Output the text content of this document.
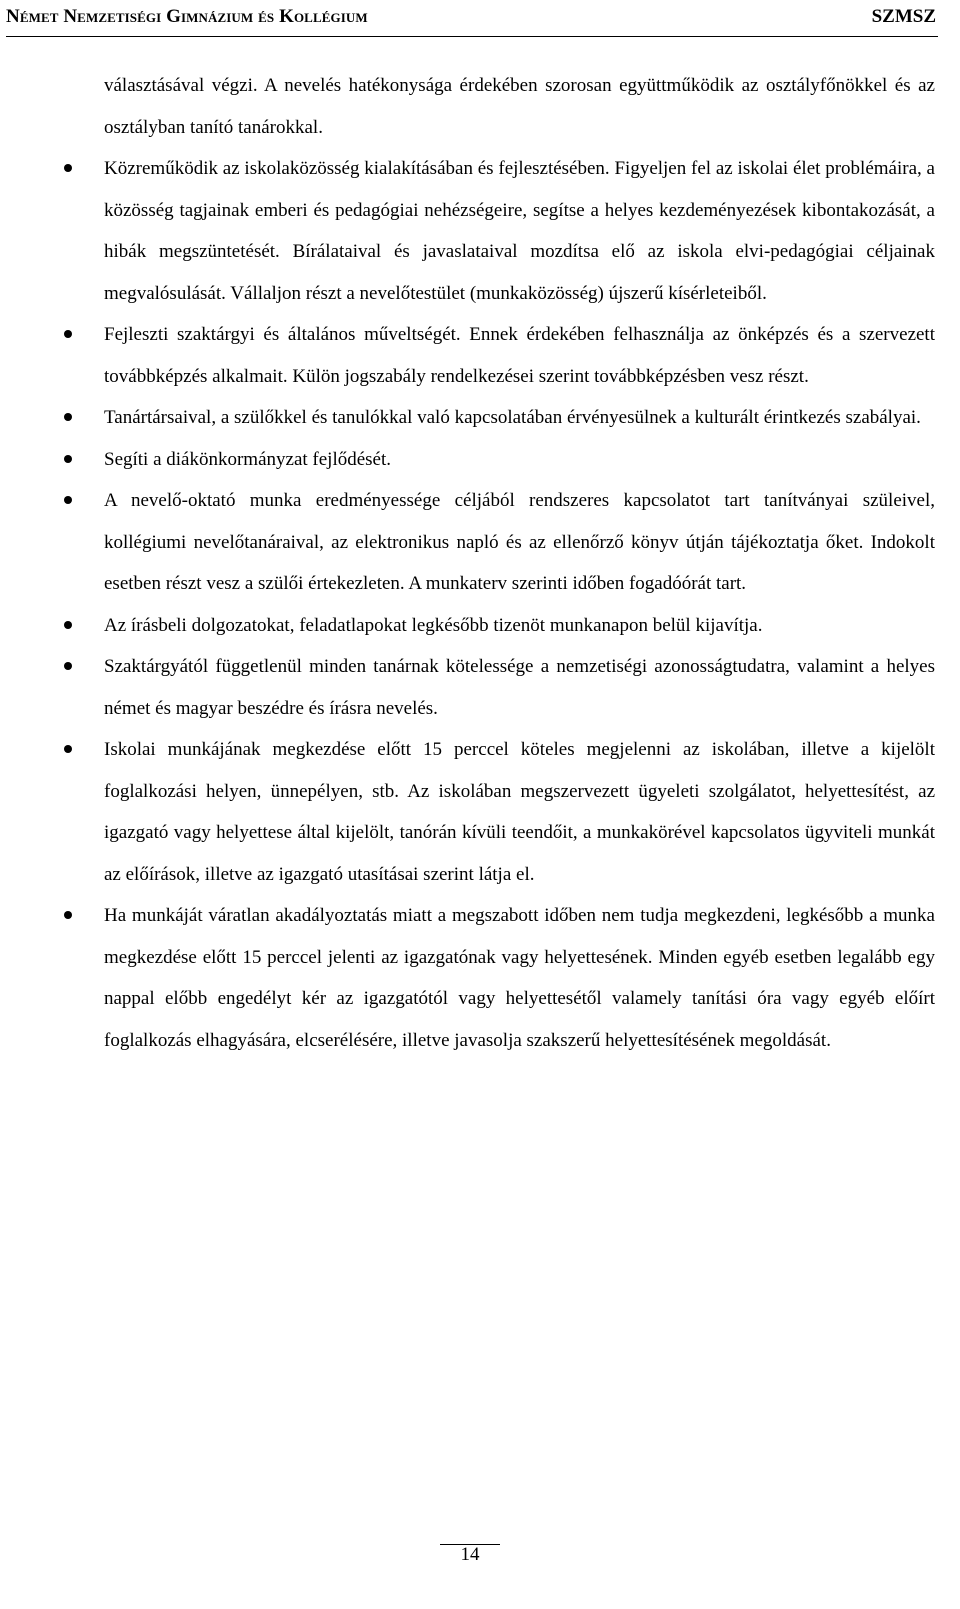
Német Nemzetiségi Gimnázium és Kollégium	SZMSZ

választásával végzi. A nevelés hatékonysága érdekében szorosan együttműködik az osztályfőnökkel és az osztályban tanító tanárokkal.

Közreműködik az iskolaközösség kialakításában és fejlesztésében. Figyeljen fel az iskolai élet problémáira, a közösség tagjainak emberi és pedagógiai nehézségeire, segítse a helyes kezdeményezések kibontakozását, a hibák megszüntetését. Bírálataival és javaslataival mozdítsa elő az iskola elvi-pedagógiai céljainak megvalósulását. Vállaljon részt a nevelőtestület (munkaközösség) újszerű kísérleteiből.
Fejleszti szaktárgyi és általános műveltségét. Ennek érdekében felhasználja az önképzés és a szervezett továbbképzés alkalmait. Külön jogszabály rendelkezései szerint továbbképzésben vesz részt.
Tanártársaival, a szülőkkel és tanulókkal való kapcsolatában érvényesülnek a kulturált érintkezés szabályai.
Segíti a diákönkormányzat fejlődését.
A nevelő-oktató munka eredményessége céljából rendszeres kapcsolatot tart tanítványai szüleivel, kollégiumi nevelőtanáraival, az elektronikus napló és az ellenőrző könyv útján tájékoztatja őket. Indokolt esetben részt vesz a szülői értekezleten. A munkaterv szerinti időben fogadóórát tart.
Az írásbeli dolgozatokat, feladatlapokat legkésőbb tizenöt munkanapon belül kijavítja.
Szaktárgyától függetlenül minden tanárnak kötelessége a nemzetiségi azonosságtudatra, valamint a helyes német és magyar beszédre és írásra nevelés.
Iskolai munkájának megkezdése előtt 15 perccel köteles megjelenni az iskolában, illetve a kijelölt foglalkozási helyen, ünnepélyen, stb. Az iskolában megszervezett ügyeleti szolgálatot, helyettesítést, az igazgató vagy helyettese által kijelölt, tanórán kívüli teendőit, a munkakörével kapcsolatos ügyviteli munkát az előírások, illetve az igazgató utasításai szerint látja el.
Ha munkáját váratlan akadályoztatás miatt a megszabott időben nem tudja megkezdeni, legkésőbb a munka megkezdése előtt 15 perccel jelenti az igazgatónak vagy helyettesének. Minden egyéb esetben legalább egy nappal előbb engedélyt kér az igazgatótól vagy helyettesétől valamely tanítási óra vagy egyéb előírt foglalkozás elhagyására, elcserélésére, illetve javasolja szakszerű helyettesítésének megoldását.
14
